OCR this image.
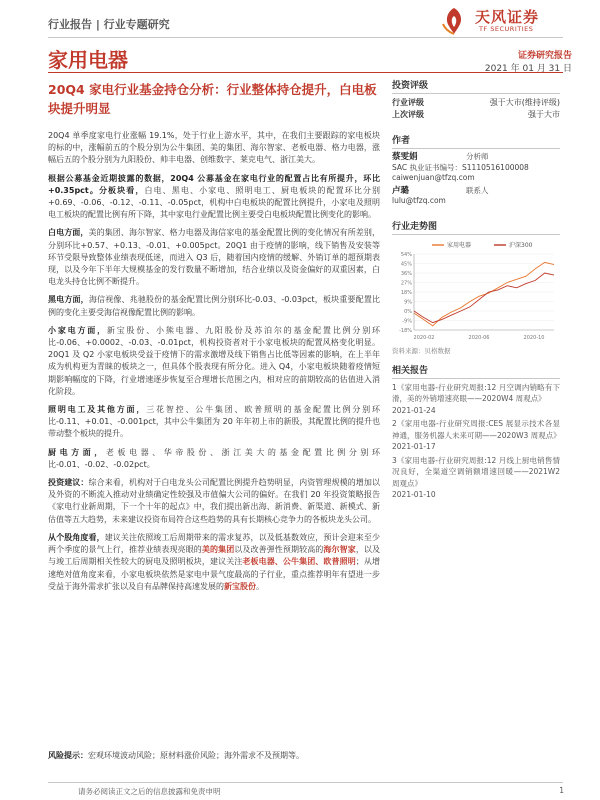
行业报告 | 行业专题研究	天风证券
TF SECURITIES
家用电器	证券研究报告
2021 年 01 月 31 日
20Q4 家电行业基金持仓分析：行业整体持仓提升，白电板块提升明显

20Q4 单季度家电行业涨幅 19.1%，处于行业上游水平，其中，在我们主要跟踪的家电板块的标的中，涨幅前五的个股分别为公牛集团、美的集团、海尔智家、老板电器、格力电器，涨幅后五的个股分别为九阳股份、帅丰电器、创维数字、莱克电气、浙江美大。

根据公募基金近期披露的数据，20Q4 公募基金在家电行业的配置占比有所提升，环比+0.35pct。分板块看，白电、黑电、小家电、照明电工、厨电板块的配置环比分别+0.69、-0.06、-0.12、-0.11、-0.05pct，机构中白电板块的配置比例提升，小家电及照明电工板块的配置比例有所下降，其中家电行业配置比例主要受白电板块配置比例变化的影响。

白电方面，美的集团、海尔智家、格力电器及海信家电的基金配置比例的变化情况有所差别，分别环比+0.57、+0.13、-0.01、+0.005pct。20Q1 由于疫情的影响，线下销售及安装等环节受限导致整体业绩表现低迷，而进入 Q3 后，随着国内疫情的缓解、外销订单的超预期表现，以及今年下半年大规模基金的发行数量不断增加，结合业绩以及资金偏好的双重因素，白电龙头持仓比例不断提升。

黑电方面，海信视像、兆驰股份的基金配置比例分别环比-0.03、-0.03pct，板块重要配置比例的变化主要受海信视像配置比例的影响。

小家电方面，新宝股份、小熊电器、九阳股份及苏泊尔的基金配置比例分别环比-0.06、+0.0002、-0.03、-0.01pct，机构投资者对于小家电板块的配置风格变化明显。20Q1 及 Q2 小家电板块受益于疫情下的需求激增及线下销售占比低等因素的影响，在上半年成为机构更为青睐的板块之一，但具体个股表现有所分化。进入 Q4，小家电板块随着疫情短期影响幅度的下降，行业增速逐步恢复至合理增长范围之内，相对应的前期较高的估值进入消化阶段。

照明电工及其他方面，三花智控、公牛集团、欧普照明的基金配置比例分别环比-0.11、+0.01、-0.001pct，其中公牛集团为 20 年年初上市的新股，其配置比例的提升也带动整个板块的提升。

厨电方面，老板电器、华帝股份、浙江美大的基金配置比例分别环比-0.01、-0.02、-0.02pct。

投资建议：综合来看，机构对于白电龙头公司配置比例提升趋势明显，内资管理规模的增加以及外资的不断流入推动对业绩确定性较强及市值偏大公司的偏好。在我们 20 年投资策略报告《家电行业新周期，下一个十年的起点》中，我们提出新出海、新消费、新渠道、新模式、新估值等五大趋势，未来建议投资布局符合这些趋势的具有长期核心竞争力的各板块龙头公司。

从个股角度看，建议关注依照竣工后周期带来的需求复苏，以及低基数效应，预计会迎来至少两个季度的景气上行，推荐业绩表现亮眼的美的集团以及改善弹性预期较高的海尔智家，以及与竣工后周期相关性较大的厨电及照明板块，建议关注老板电器、公牛集团、欧普照明；从增速绝对值角度来看，小家电板块依然是家电中景气度最高的子行业，重点推荐明年有望进一步受益于海外需求扩张以及自有品牌保持高速发展的新宝股份。

风险提示：宏观环境波动风险；原材料涨价风险；海外需求不及预期等。
投资评级
行业评级	强于大市(维持评级)
上次评级	强于大市
作者
蔡雯娟	分析师
SAC 执业证书编号：S1110516100008
caiwenjuan@tfzq.com
卢璐	联系人
lulu@tfzq.com
行业走势图
54%
45%
36%
27%
18%
9%
0%
-9%
-18%
2020-02	2020-06	2020-10
家用电器	沪深300
资料来源：贝格数据
相关报告
1《家用电器-行业研究周报:12 月空调内销略有下滑，美的外销增速亮眼——2020W4 周观点》
2021-01-24
2《家用电器-行业研究周报:CES 展显示技术各显神通，服务机器人未来可期——2020W3 周观点》
2021-01-17
3《家用电器-行业研究周报:12 月线上厨电销售情况良好，全渠道空调销额增速回暖——2021W2 周观点》
2021-01-10
请务必阅读正文之后的信息披露和免责申明	1
